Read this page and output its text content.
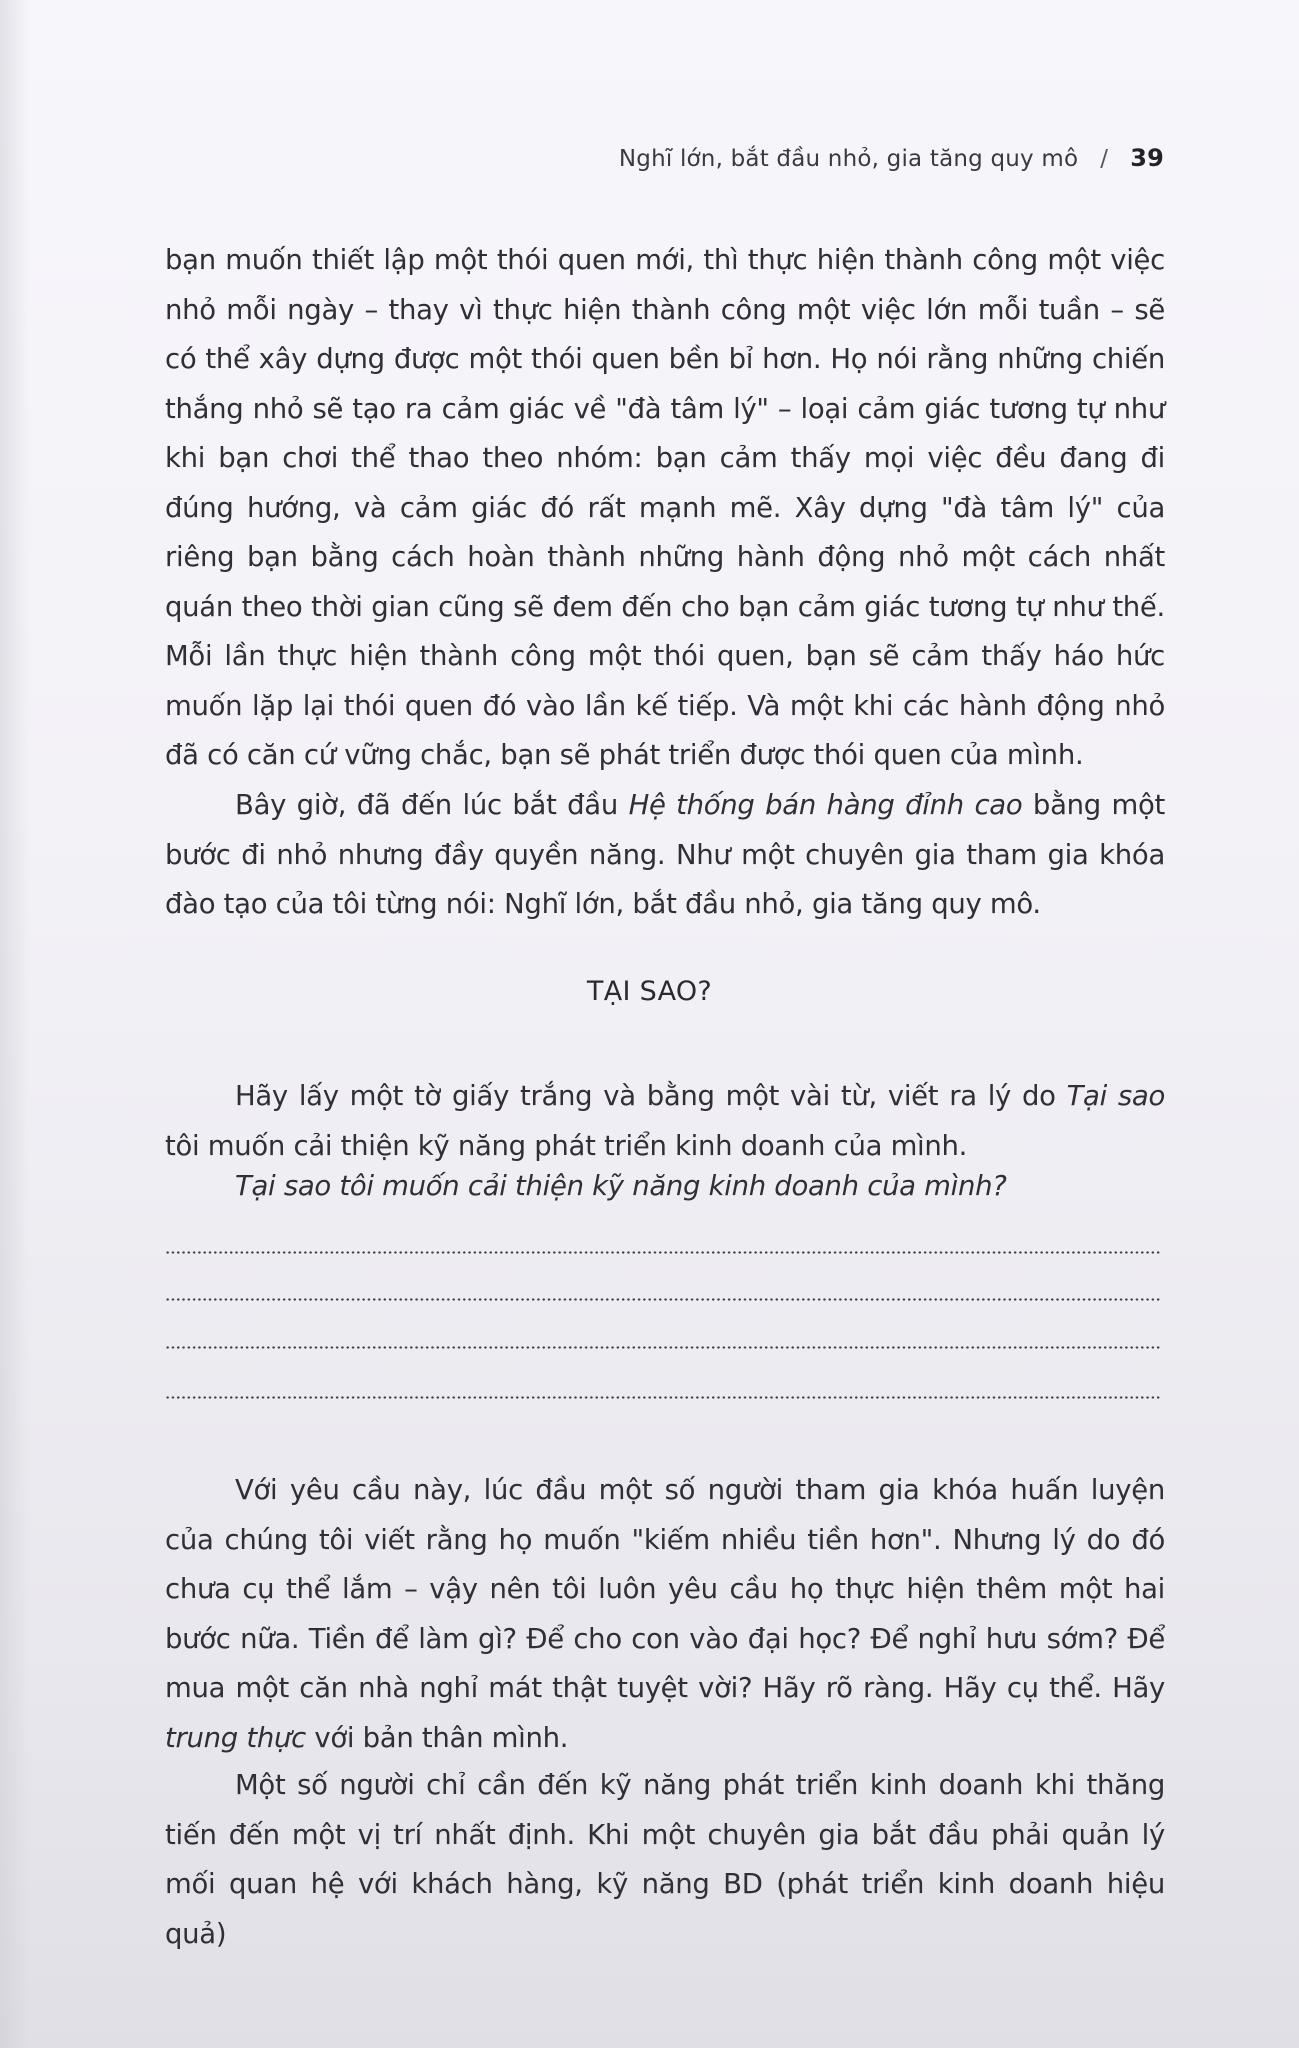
Nghĩ lớn, bắt đầu nhỏ, gia tăng quy mô / 39

bạn muốn thiết lập một thói quen mới, thì thực hiện thành công một việc nhỏ mỗi ngày – thay vì thực hiện thành công một việc lớn mỗi tuần – sẽ có thể xây dựng được một thói quen bền bỉ hơn. Họ nói rằng những chiến thắng nhỏ sẽ tạo ra cảm giác về "đà tâm lý" – loại cảm giác tương tự như khi bạn chơi thể thao theo nhóm: bạn cảm thấy mọi việc đều đang đi đúng hướng, và cảm giác đó rất mạnh mẽ. Xây dựng "đà tâm lý" của riêng bạn bằng cách hoàn thành những hành động nhỏ một cách nhất quán theo thời gian cũng sẽ đem đến cho bạn cảm giác tương tự như thế. Mỗi lần thực hiện thành công một thói quen, bạn sẽ cảm thấy háo hức muốn lặp lại thói quen đó vào lần kế tiếp. Và một khi các hành động nhỏ đã có căn cứ vững chắc, bạn sẽ phát triển được thói quen của mình.

Bây giờ, đã đến lúc bắt đầu Hệ thống bán hàng đỉnh cao bằng một bước đi nhỏ nhưng đầy quyền năng. Như một chuyên gia tham gia khóa đào tạo của tôi từng nói: Nghĩ lớn, bắt đầu nhỏ, gia tăng quy mô.

TẠI SAO?

Hãy lấy một tờ giấy trắng và bằng một vài từ, viết ra lý do Tại sao tôi muốn cải thiện kỹ năng phát triển kinh doanh của mình.

Tại sao tôi muốn cải thiện kỹ năng kinh doanh của mình?

Với yêu cầu này, lúc đầu một số người tham gia khóa huấn luyện của chúng tôi viết rằng họ muốn "kiếm nhiều tiền hơn". Nhưng lý do đó chưa cụ thể lắm – vậy nên tôi luôn yêu cầu họ thực hiện thêm một hai bước nữa. Tiền để làm gì? Để cho con vào đại học? Để nghỉ hưu sớm? Để mua một căn nhà nghỉ mát thật tuyệt vời? Hãy rõ ràng. Hãy cụ thể. Hãy trung thực với bản thân mình.

Một số người chỉ cần đến kỹ năng phát triển kinh doanh khi thăng tiến đến một vị trí nhất định. Khi một chuyên gia bắt đầu phải quản lý mối quan hệ với khách hàng, kỹ năng BD (phát triển kinh doanh hiệu quả)
